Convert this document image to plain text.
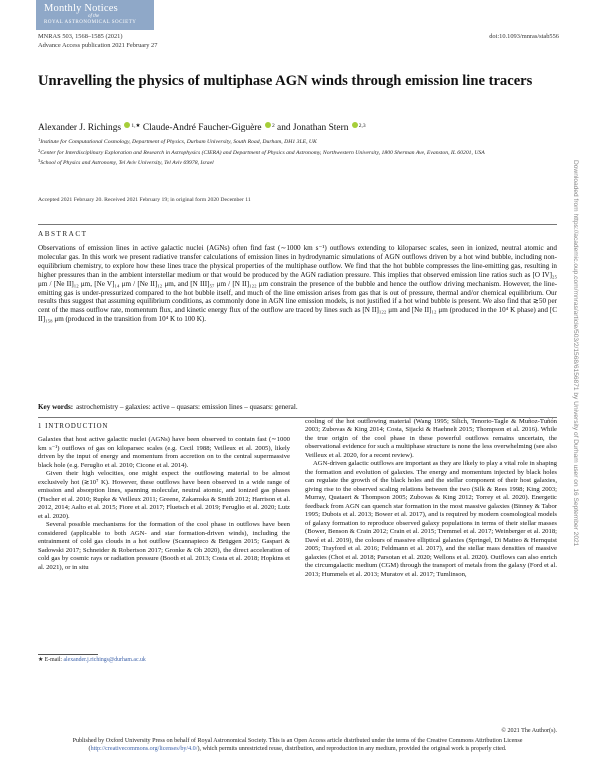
Monthly Notices
of the
ROYAL ASTRONOMICAL SOCIETY
MNRAS 503, 1568–1585 (2021)
Advance Access publication 2021 February 27
doi:10.1093/mnras/stab556
Unravelling the physics of multiphase AGN winds through emission line tracers
Alexander J. Richings $^{1,★}$ Claude-André Faucher-Giguère $^2$ and Jonathan Stern $^{2,3}$
$^1$Institute for Computational Cosmology, Department of Physics, Durham University, South Road, Durham, DH1 3LE, UK
$^2$Center for Interdisciplinary Exploration and Research in Astrophysics (CIERA) and Department of Physics and Astronomy, Northwestern University, 1800 Sherman Ave, Evanston, IL 60201, USA
$^3$School of Physics and Astronomy, Tel Aviv University, Tel Aviv 69978, Israel
Accepted 2021 February 20. Received 2021 February 19; in original form 2020 December 11
ABSTRACT

Observations of emission lines in active galactic nuclei (AGNs) often find fast (∼1000 km s⁻¹) outflows extending to kiloparsec scales, seen in ionized, neutral atomic and molecular gas. In this work we present radiative transfer calculations of emission lines in hydrodynamic simulations of AGN outflows driven by a hot wind bubble, including non-equilibrium chemistry, to explore how these lines trace the physical properties of the multiphase outflow. We find that the hot bubble compresses the line-emitting gas, resulting in higher pressures than in the ambient interstellar medium or that would be produced by the AGN radiation pressure. This implies that observed emission line ratios such as [O IV]₂₅ μm / [Ne II]₁₂ μm, [Ne V]₁₄ μm / [Ne II]₁₂ μm, and [N III]₅₇ μm / [N II]₁₂₂ μm constrain the presence of the bubble and hence the outflow driving mechanism. However, the line-emitting gas is under-pressurized compared to the hot bubble itself, and much of the line emission arises from gas that is out of pressure, thermal and/or chemical equilibrium. Our results thus suggest that assuming equilibrium conditions, as commonly done in AGN line emission models, is not justified if a hot wind bubble is present. We also find that ≳50 per cent of the mass outflow rate, momentum flux, and kinetic energy flux of the outflow are traced by lines such as [N II]₁₂₂ μm and [Ne II]₁₂ μm (produced in the 10⁴ K phase) and [C II]₁₅₈ μm (produced in the transition from 10⁴ K to 100 K).

Key words: astrochemistry – galaxies: active – quasars: emission lines – quasars: general.
1 INTRODUCTION

Galaxies that host active galactic nuclei (AGNs) have been observed to contain fast (∼1000 km s⁻¹) outflows of gas on kiloparsec scales (e.g. Cecil 1988; Veilleux et al. 2005), likely driven by the input of energy and momentum from accretion on to the central supermassive black hole (e.g. Feruglio et al. 2010; Cicone et al. 2014).

Given their high velocities, one might expect the outflowing material to be almost exclusively hot (≳10⁷ K). However, these outflows have been observed in a wide range of emission and absorption lines, spanning molecular, neutral atomic, and ionized gas phases (Fischer et al. 2010; Rupke & Veilleux 2011; Greene, Zakamska & Smith 2012; Harrison et al. 2012, 2014; Aalto et al. 2015; Fiore et al. 2017; Fluetsch et al. 2019; Feruglio et al. 2020; Lutz et al. 2020).

Several possible mechanisms for the formation of the cool phase in outflows have been considered (applicable to both AGN- and star formation-driven winds), including the entrainment of cold gas clouds in a hot outflow (Scannapieco & Brüggen 2015; Gaspari & Sadowski 2017; Schneider & Robertson 2017; Gronke & Oh 2020), the direct acceleration of cold gas by cosmic rays or radiation pressure (Booth et al. 2013; Costa et al. 2018; Hopkins et al. 2021), or in situ

cooling of the hot outflowing material (Wang 1995; Silich, Tenorio-Tagle & Muñoz-Tuñón 2003; Zubovas & King 2014; Costa, Sijacki & Haehnelt 2015; Thompson et al. 2016). While the true origin of the cool phase in these powerful outflows remains uncertain, the observational evidence for such a multiphase structure is none the less overwhelming (see also Veilleux et al. 2020, for a recent review).

AGN-driven galactic outflows are important as they are likely to play a vital role in shaping the formation and evolution of galaxies. The energy and momentum injected by black holes can regulate the growth of the black holes and the stellar component of their host galaxies, giving rise to the observed scaling relations between the two (Silk & Rees 1998; King 2003; Murray, Quataert & Thompson 2005; Zubovas & King 2012; Torrey et al. 2020). Energetic feedback from AGN can quench star formation in the most massive galaxies (Binney & Tabor 1995; Dubois et al. 2013; Bower et al. 2017), and is required by modern cosmological models of galaxy formation to reproduce observed galaxy populations in terms of their stellar masses (Bower, Benson & Crain 2012; Crain et al. 2015; Tremmel et al. 2017; Weinberger et al. 2018; Davé et al. 2019), the colours of massive elliptical galaxies (Springel, Di Matteo & Hernquist 2005; Trayford et al. 2016; Feldmann et al. 2017), and the stellar mass densities of massive galaxies (Choi et al. 2018; Parsotan et al. 2020; Wellons et al. 2020). Outflows can also enrich the circumgalactic medium (CGM) through the transport of metals from the galaxy (Ford et al. 2013; Hummels et al. 2013; Muratov et al. 2017; Tumlinson,

★ E-mail: alexander.j.richings@durham.ac.uk
© 2021 The Author(s).
Published by Oxford University Press on behalf of Royal Astronomical Society. This is an Open Access article distributed under the terms of the Creative Commons Attribution License (http://creativecommons.org/licenses/by/4.0/), which permits unrestricted reuse, distribution, and reproduction in any medium, provided the original work is properly cited.
Downloaded from https://academic.oup.com/mnras/article/503/2/1568/6156871 by University of Durham user on 16 September 2021
